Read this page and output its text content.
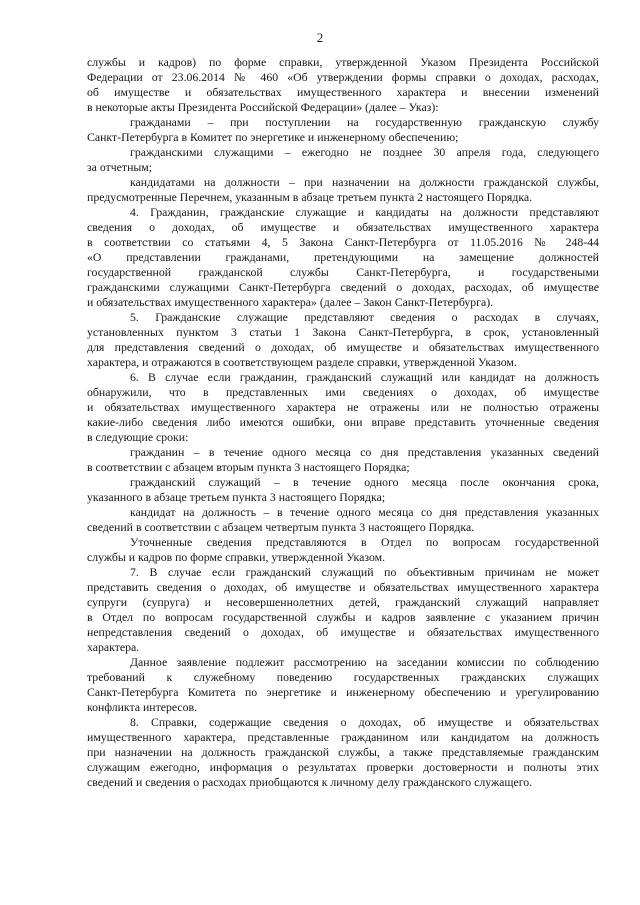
2
службы и кадров) по форме справки, утвержденной Указом Президента Российской
Федерации от 23.06.2014 № 460 «Об утверждении формы справки о доходах, расходах,
об имуществе и обязательствах имущественного характера и внесении изменений
в некоторые акты Президента Российской Федерации» (далее – Указ):
гражданами – при поступлении на государственную гражданскую службу
Санкт-Петербурга в Комитет по энергетике и инженерному обеспечению;
гражданскими служащими – ежегодно не позднее 30 апреля года, следующего
за отчетным;
кандидатами на должности – при назначении на должности гражданской службы,
предусмотренные Перечнем, указанным в абзаце третьем пункта 2 настоящего Порядка.
4. Гражданин, гражданские служащие и кандидаты на должности представляют
сведения о доходах, об имуществе и обязательствах имущественного характера
в соответствии со статьями 4, 5 Закона Санкт-Петербурга от 11.05.2016 № 248-44
«О представлении гражданами, претендующими на замещение должностей
государственной гражданской службы Санкт-Петербурга, и государствеными
гражданскими служащими Санкт-Петербурга сведений о доходах, расходах, об имуществе
и обязательствах имущественного характера» (далее – Закон Санкт-Петербурга).
5. Гражданские служащие представляют сведения о расходах в случаях,
установленных пунктом 3 статьи 1 Закона Санкт-Петербурга, в срок, установленный
для представления сведений о доходах, об имуществе и обязательствах имущественного
характера, и отражаются в соответствующем разделе справки, утвержденной Указом.
6. В случае если гражданин, гражданский служащий или кандидат на должность
обнаружили, что в представленных ими сведениях о доходах, об имуществе
и обязательствах имущественного характера не отражены или не полностью отражены
какие-либо сведения либо имеются ошибки, они вправе представить уточненные сведения
в следующие сроки:
гражданин – в течение одного месяца со дня представления указанных сведений
в соответствии с абзацем вторым пункта 3 настоящего Порядка;
гражданский служащий – в течение одного месяца после окончания срока,
указанного в абзаце третьем пункта 3 настоящего Порядка;
кандидат на должность – в течение одного месяца со дня представления указанных
сведений в соответствии с абзацем четвертым пункта 3 настоящего Порядка.
Уточненные сведения представляются в Отдел по вопросам государственной
службы и кадров по форме справки, утвержденной Указом.
7. В случае если гражданский служащий по объективным причинам не может
представить сведения о доходах, об имуществе и обязательствах имущественного характера
супруги (супруга) и несовершеннолетних детей, гражданский служащий направляет
в Отдел по вопросам государственной службы и кадров заявление с указанием причин
непредставления сведений о доходах, об имуществе и обязательствах имущественного
характера.
Данное заявление подлежит рассмотрению на заседании комиссии по соблюдению
требований к служебному поведению государственных гражданских служащих
Санкт-Петербурга Комитета по энергетике и инженерному обеспечению и урегулированию
конфликта интересов.
8. Справки, содержащие сведения о доходах, об имуществе и обязательствах
имущественного характера, представленные гражданином или кандидатом на должность
при назначении на должность гражданской службы, а также представляемые гражданским
служащим ежегодно, информация о результатах проверки достоверности и полноты этих
сведений и сведения о расходах приобщаются к личному делу гражданского служащего.
